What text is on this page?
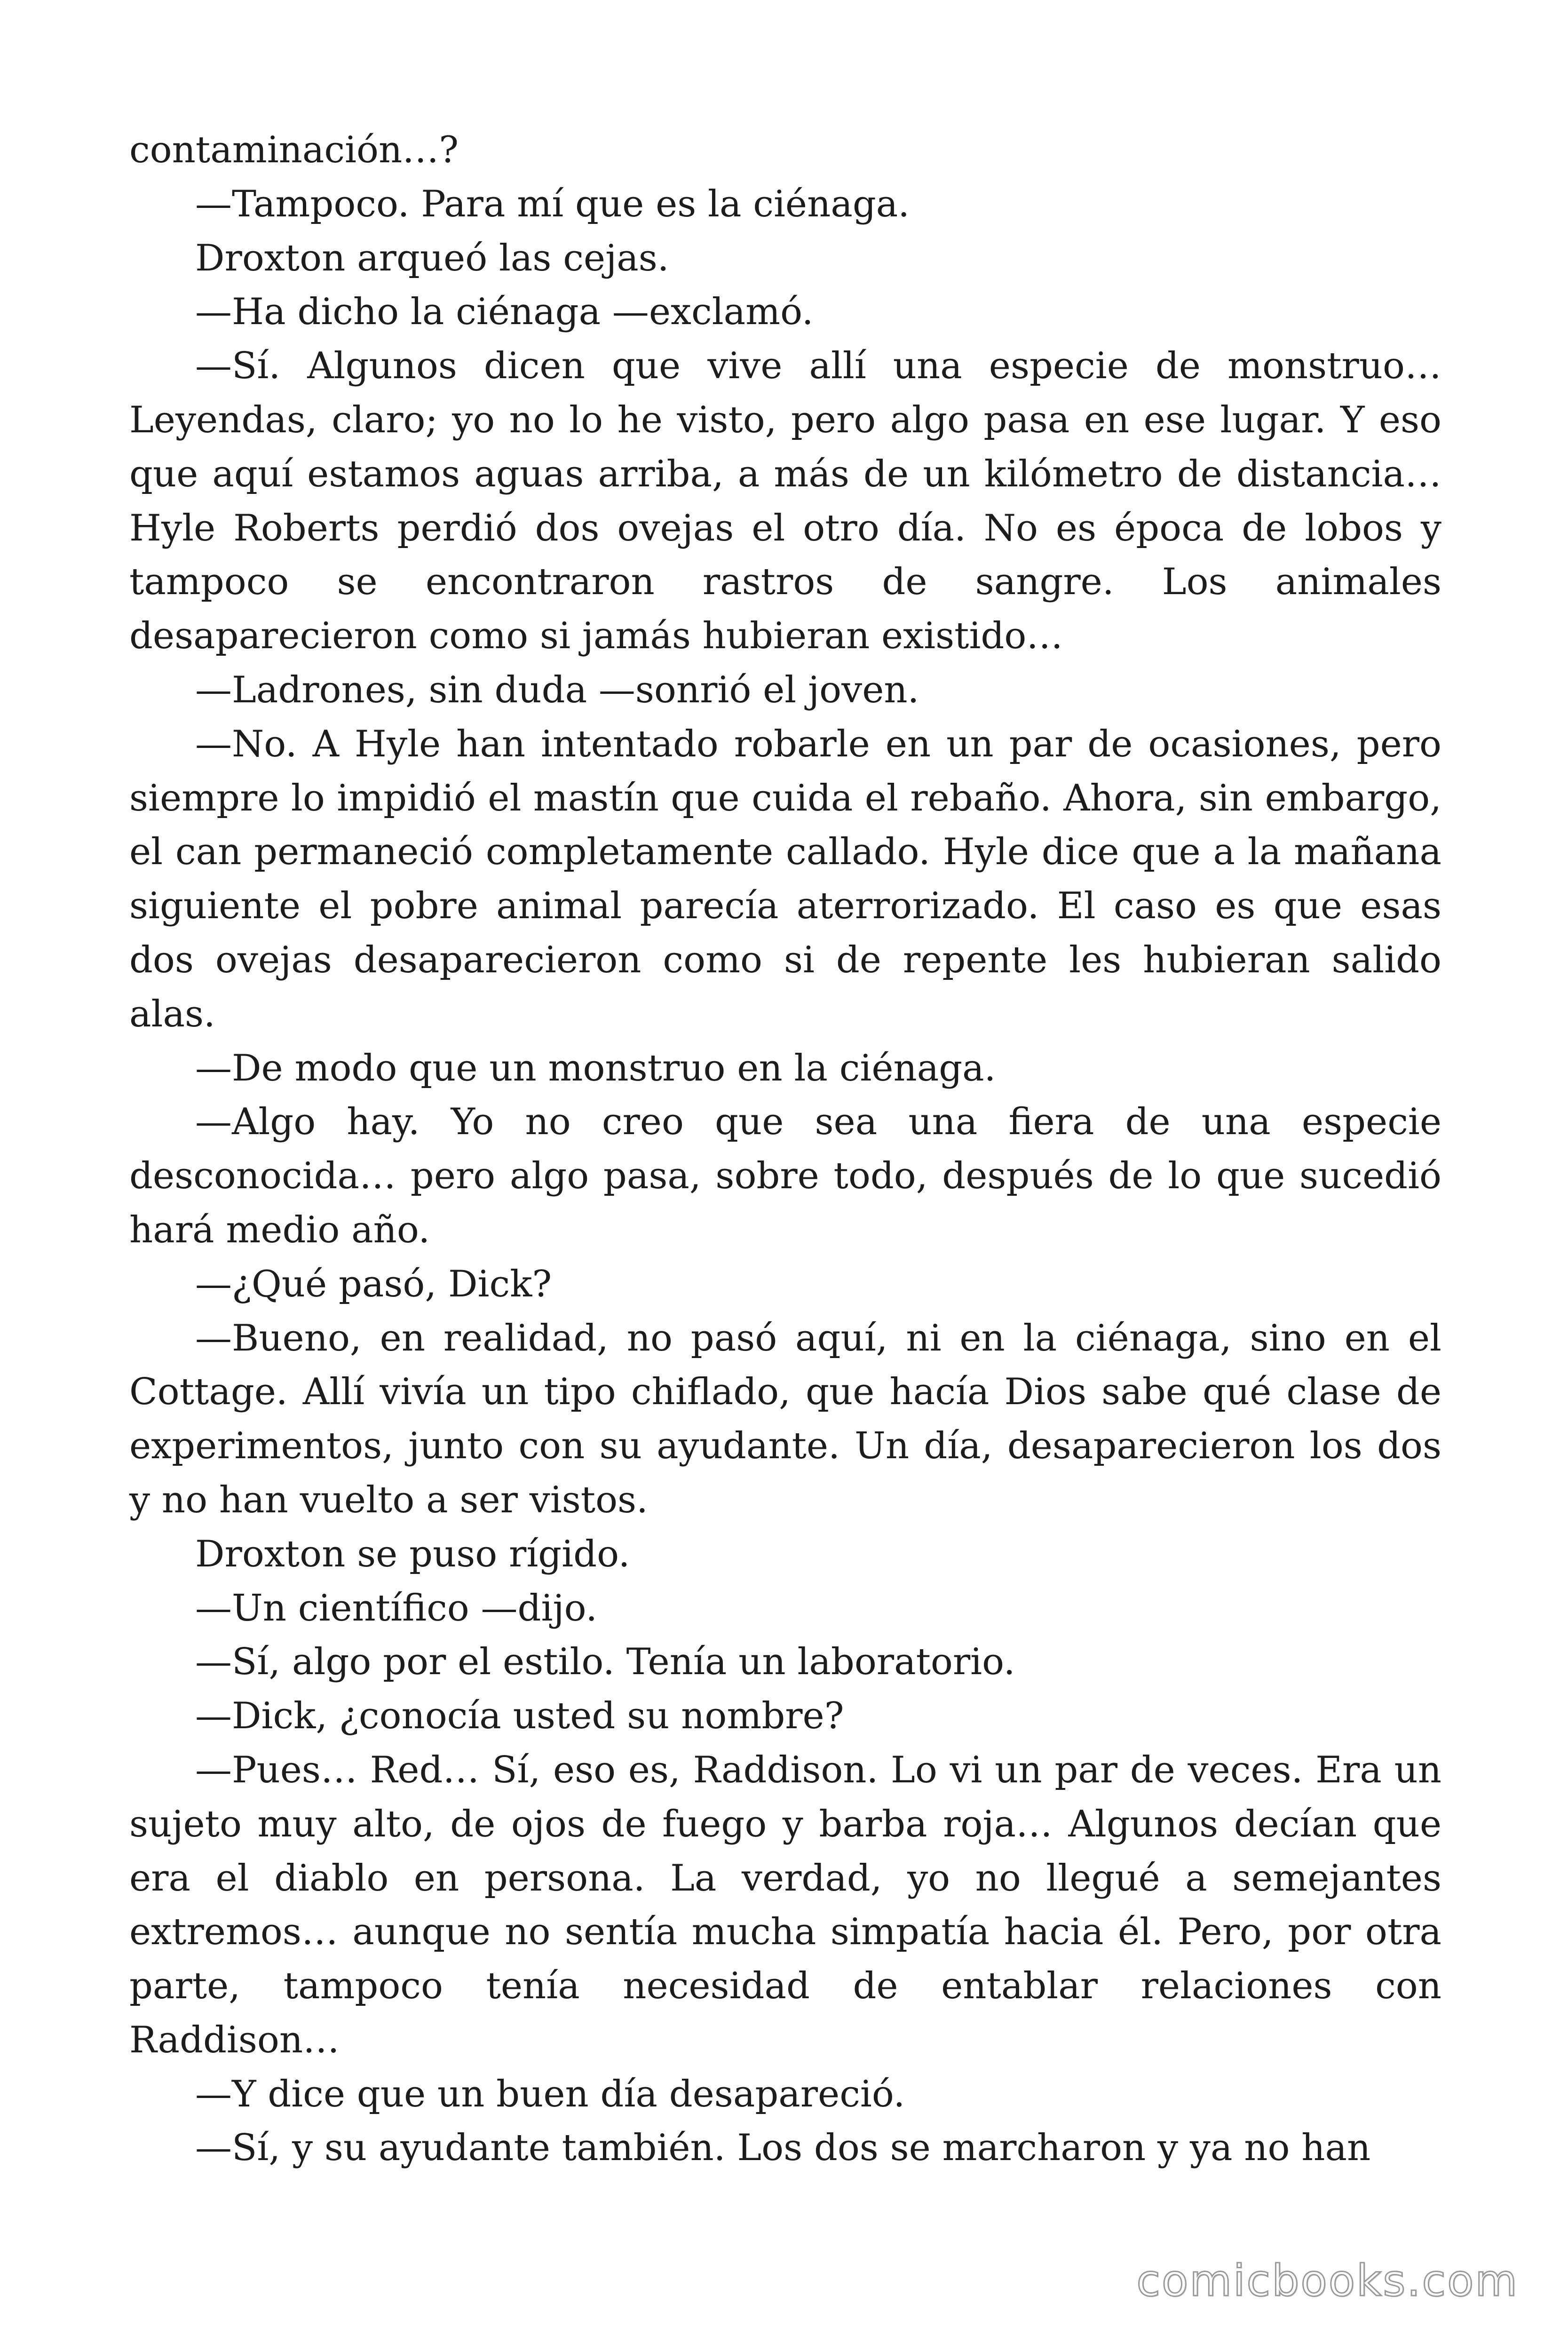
contaminación…?

—Tampoco. Para mí que es la ciénaga.

Droxton arqueó las cejas.

—Ha dicho la ciénaga —exclamó.

—Sí. Algunos dicen que vive allí una especie de monstruo… Leyendas, claro; yo no lo he visto, pero algo pasa en ese lugar. Y eso que aquí estamos aguas arriba, a más de un kilómetro de distancia… Hyle Roberts perdió dos ovejas el otro día. No es época de lobos y tampoco se encontraron rastros de sangre. Los animales desaparecieron como si jamás hubieran existido…

—Ladrones, sin duda —sonrió el joven.

—No. A Hyle han intentado robarle en un par de ocasiones, pero siempre lo impidió el mastín que cuida el rebaño. Ahora, sin embargo, el can permaneció completamente callado. Hyle dice que a la mañana siguiente el pobre animal parecía aterrorizado. El caso es que esas dos ovejas desaparecieron como si de repente les hubieran salido alas.

—De modo que un monstruo en la ciénaga.

—Algo hay. Yo no creo que sea una fiera de una especie desconocida… pero algo pasa, sobre todo, después de lo que sucedió hará medio año.

—¿Qué pasó, Dick?

—Bueno, en realidad, no pasó aquí, ni en la ciénaga, sino en el Cottage. Allí vivía un tipo chiflado, que hacía Dios sabe qué clase de experimentos, junto con su ayudante. Un día, desaparecieron los dos y no han vuelto a ser vistos.

Droxton se puso rígido.

—Un científico —dijo.

—Sí, algo por el estilo. Tenía un laboratorio.

—Dick, ¿conocía usted su nombre?

—Pues… Red… Sí, eso es, Raddison. Lo vi un par de veces. Era un sujeto muy alto, de ojos de fuego y barba roja… Algunos decían que era el diablo en persona. La verdad, yo no llegué a semejantes extremos… aunque no sentía mucha simpatía hacia él. Pero, por otra parte, tampoco tenía necesidad de entablar relaciones con Raddison…

—Y dice que un buen día desapareció.

—Sí, y su ayudante también. Los dos se marcharon y ya no han

comicbooks.com
